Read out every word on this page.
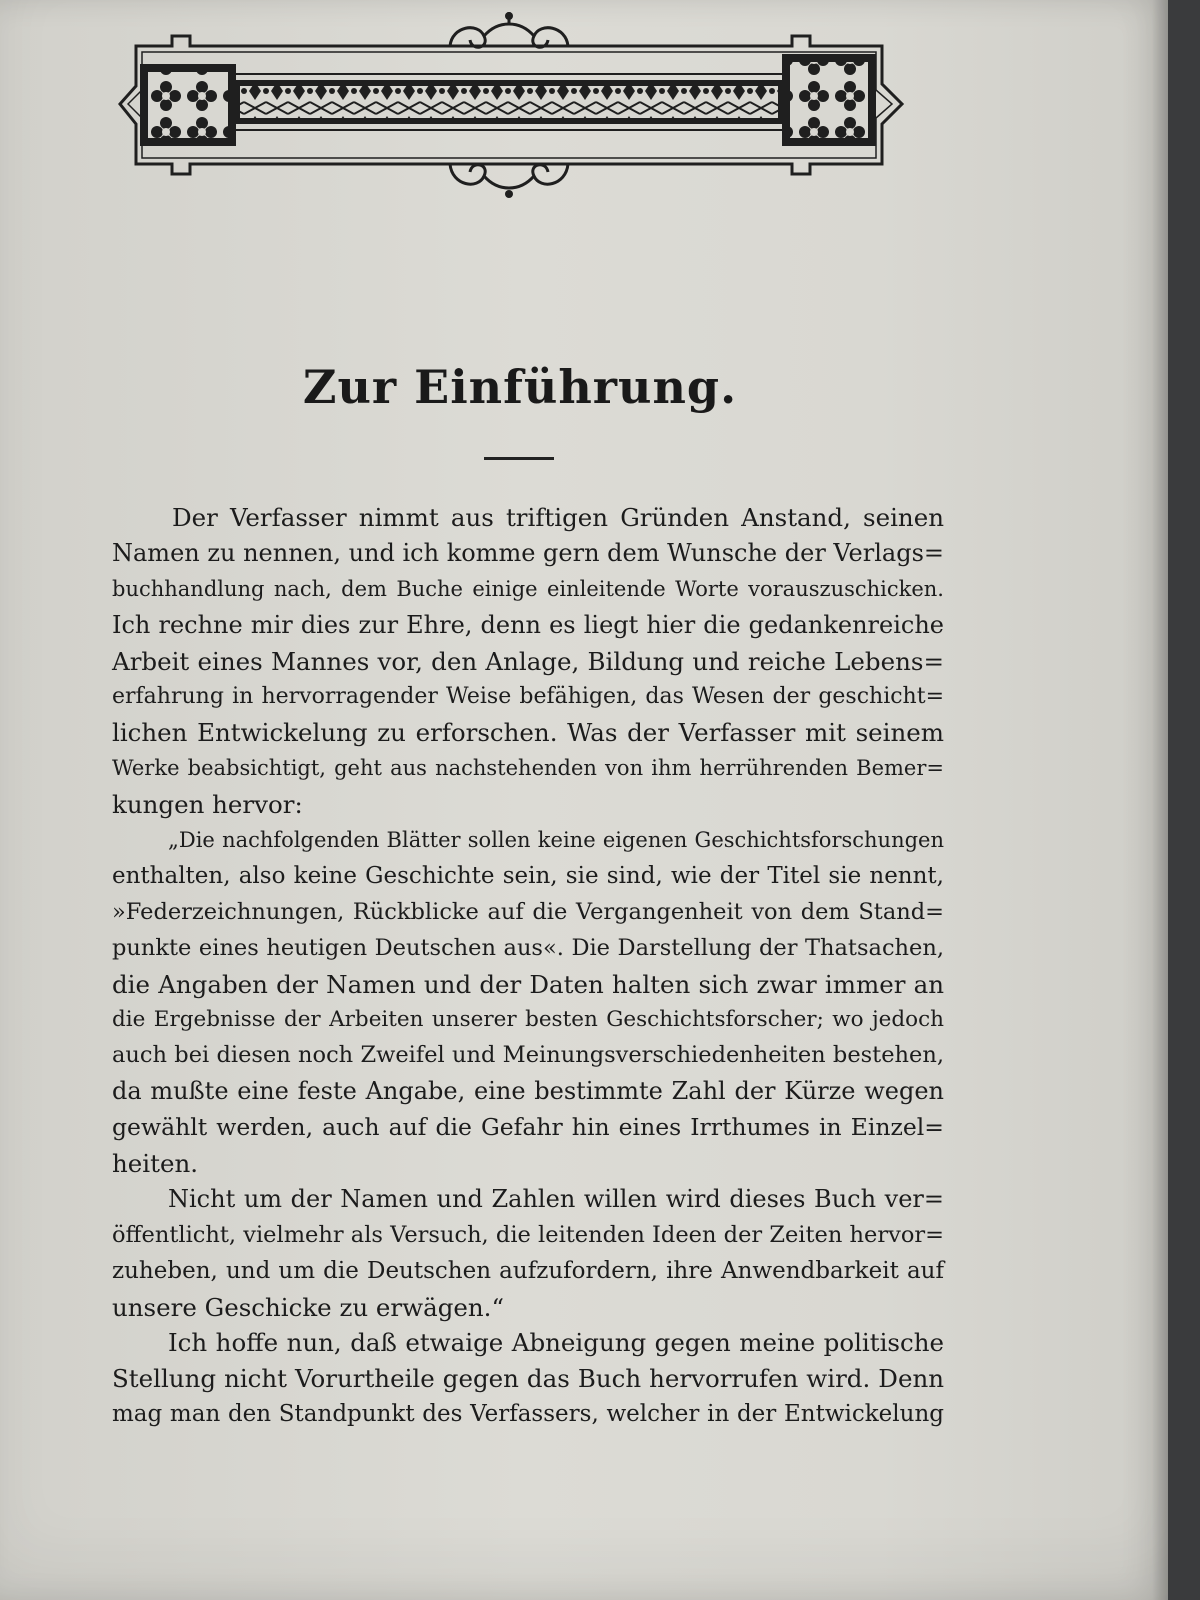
Zur Einführung.
Der Verfasser nimmt aus triftigen Gründen Anstand, seinen
Namen zu nennen, und ich komme gern dem Wunsche der Verlags=
buchhandlung nach, dem Buche einige einleitende Worte vorauszuschicken.
Ich rechne mir dies zur Ehre, denn es liegt hier die gedankenreiche
Arbeit eines Mannes vor, den Anlage, Bildung und reiche Lebens=
erfahrung in hervorragender Weise befähigen, das Wesen der geschicht=
lichen Entwickelung zu erforschen. Was der Verfasser mit seinem
Werke beabsichtigt, geht aus nachstehenden von ihm herrührenden Bemer=
kungen hervor:
„Die nachfolgenden Blätter sollen keine eigenen Geschichtsforschungen
enthalten, also keine Geschichte sein, sie sind, wie der Titel sie nennt,
»Federzeichnungen, Rückblicke auf die Vergangenheit von dem Stand=
punkte eines heutigen Deutschen aus«. Die Darstellung der Thatsachen,
die Angaben der Namen und der Daten halten sich zwar immer an
die Ergebnisse der Arbeiten unserer besten Geschichtsforscher; wo jedoch
auch bei diesen noch Zweifel und Meinungsverschiedenheiten bestehen,
da mußte eine feste Angabe, eine bestimmte Zahl der Kürze wegen
gewählt werden, auch auf die Gefahr hin eines Irrthumes in Einzel=
heiten.
Nicht um der Namen und Zahlen willen wird dieses Buch ver=
öffentlicht, vielmehr als Versuch, die leitenden Ideen der Zeiten hervor=
zuheben, und um die Deutschen aufzufordern, ihre Anwendbarkeit auf
unsere Geschicke zu erwägen.“
Ich hoffe nun, daß etwaige Abneigung gegen meine politische
Stellung nicht Vorurtheile gegen das Buch hervorrufen wird. Denn
mag man den Standpunkt des Verfassers, welcher in der Entwickelung
